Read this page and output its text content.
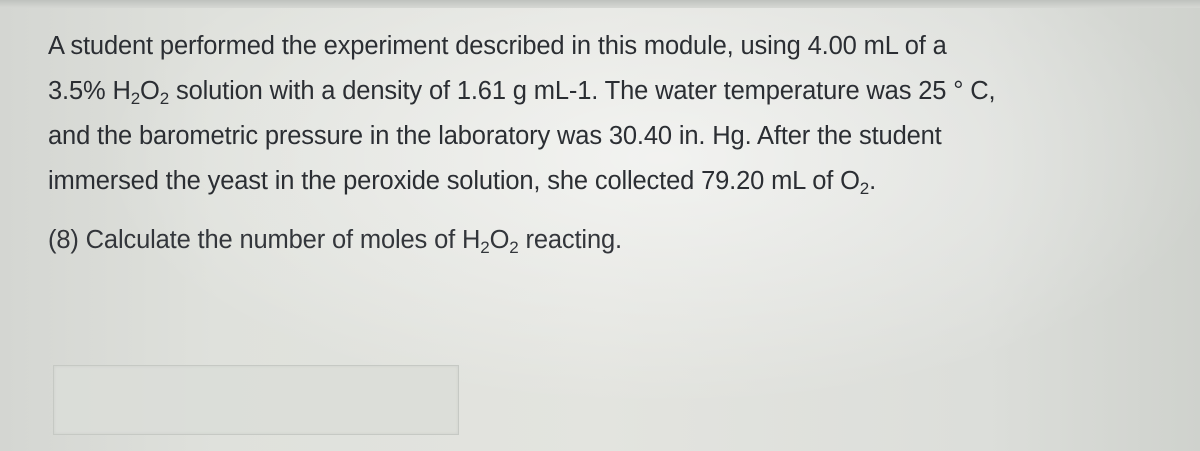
A student performed the experiment described in this module, using 4.00 mL of a
3.5% $H_2O_2$ solution with a density of 1.61 g mL-1. The water temperature was 25 ° C,
and the barometric pressure in the laboratory was 30.40 in. Hg. After the student
immersed the yeast in the peroxide solution, she collected 79.20 mL of $O_2$.

(8) Calculate the number of moles of $H_2O_2$ reacting.
